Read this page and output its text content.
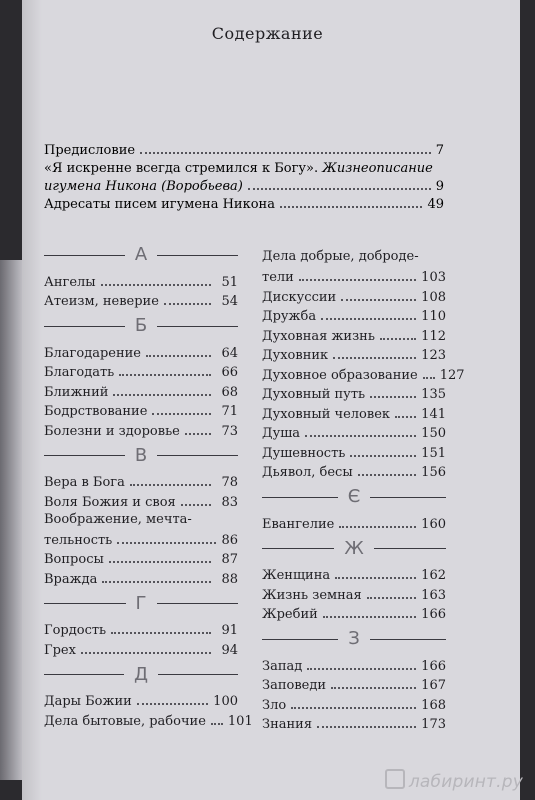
Содержание
Предисловие	7
«Я искренне всегда стремился к Богу». Жизнеописание
игумена Никона (Воробьева)	9
Адресаты писем игумена Никона	49
А
Ангелы	51
Атеизм, неверие	54
Б
Благодарение	64
Благодать	66
Ближний	68
Бодрствование	71
Болезни и здоровье	73
В
Вера в Бога	78
Воля Божия и своя	83
Воображение, мечта-
тельность	86
Вопросы	87
Вражда	88
Г
Гордость	91
Грех	94
Д
Дары Божии	100
Дела бытовые, рабочие 101
Дела добрые, доброде-
тели	103
Дискуссии	108
Дружба	110
Духовная жизнь	112
Духовник	123
Духовное образование 127
Духовный путь	135
Духовный человек 141
Душа	150
Душевность	151
Дьявол, бесы	156
Є
Евангелие	160
Ж
Женщина	162
Жизнь земная	163
Жребий	166
З
Запад	166
Заповеди	167
Зло	168
Знания	173
лабиринт.ру
